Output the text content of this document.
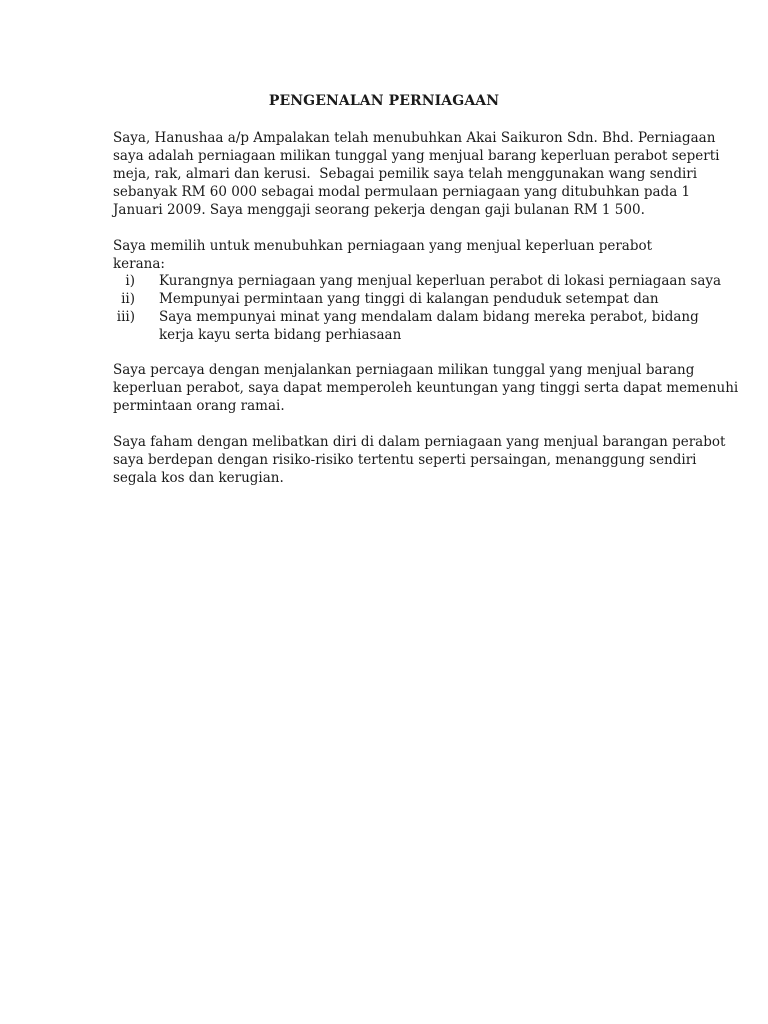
PENGENALAN PERNIAGAAN

Saya, Hanushaa a/p Ampalakan telah menubuhkan Akai Saikuron Sdn. Bhd. Perniagaan
saya adalah perniagaan milikan tunggal yang menjual barang keperluan perabot seperti
meja, rak, almari dan kerusi.  Sebagai pemilik saya telah menggunakan wang sendiri
sebanyak RM 60 000 sebagai modal permulaan perniagaan yang ditubuhkan pada 1
Januari 2009. Saya menggaji seorang pekerja dengan gaji bulanan RM 1 500.

Saya memilih untuk menubuhkan perniagaan yang menjual keperluan perabot kerana:

i) Kurangnya perniagaan yang menjual keperluan perabot di lokasi perniagaan saya
ii) Mempunyai permintaan yang tinggi di kalangan penduduk setempat dan
iii) Saya mempunyai minat yang mendalam dalam bidang mereka perabot, bidang
kerja kayu serta bidang perhiasaan

Saya percaya dengan menjalankan perniagaan milikan tunggal yang menjual barang
keperluan perabot, saya dapat memperoleh keuntungan yang tinggi serta dapat memenuhi
permintaan orang ramai.

Saya faham dengan melibatkan diri di dalam perniagaan yang menjual barangan perabot
saya berdepan dengan risiko-risiko tertentu seperti persaingan, menanggung sendiri
segala kos dan kerugian.
